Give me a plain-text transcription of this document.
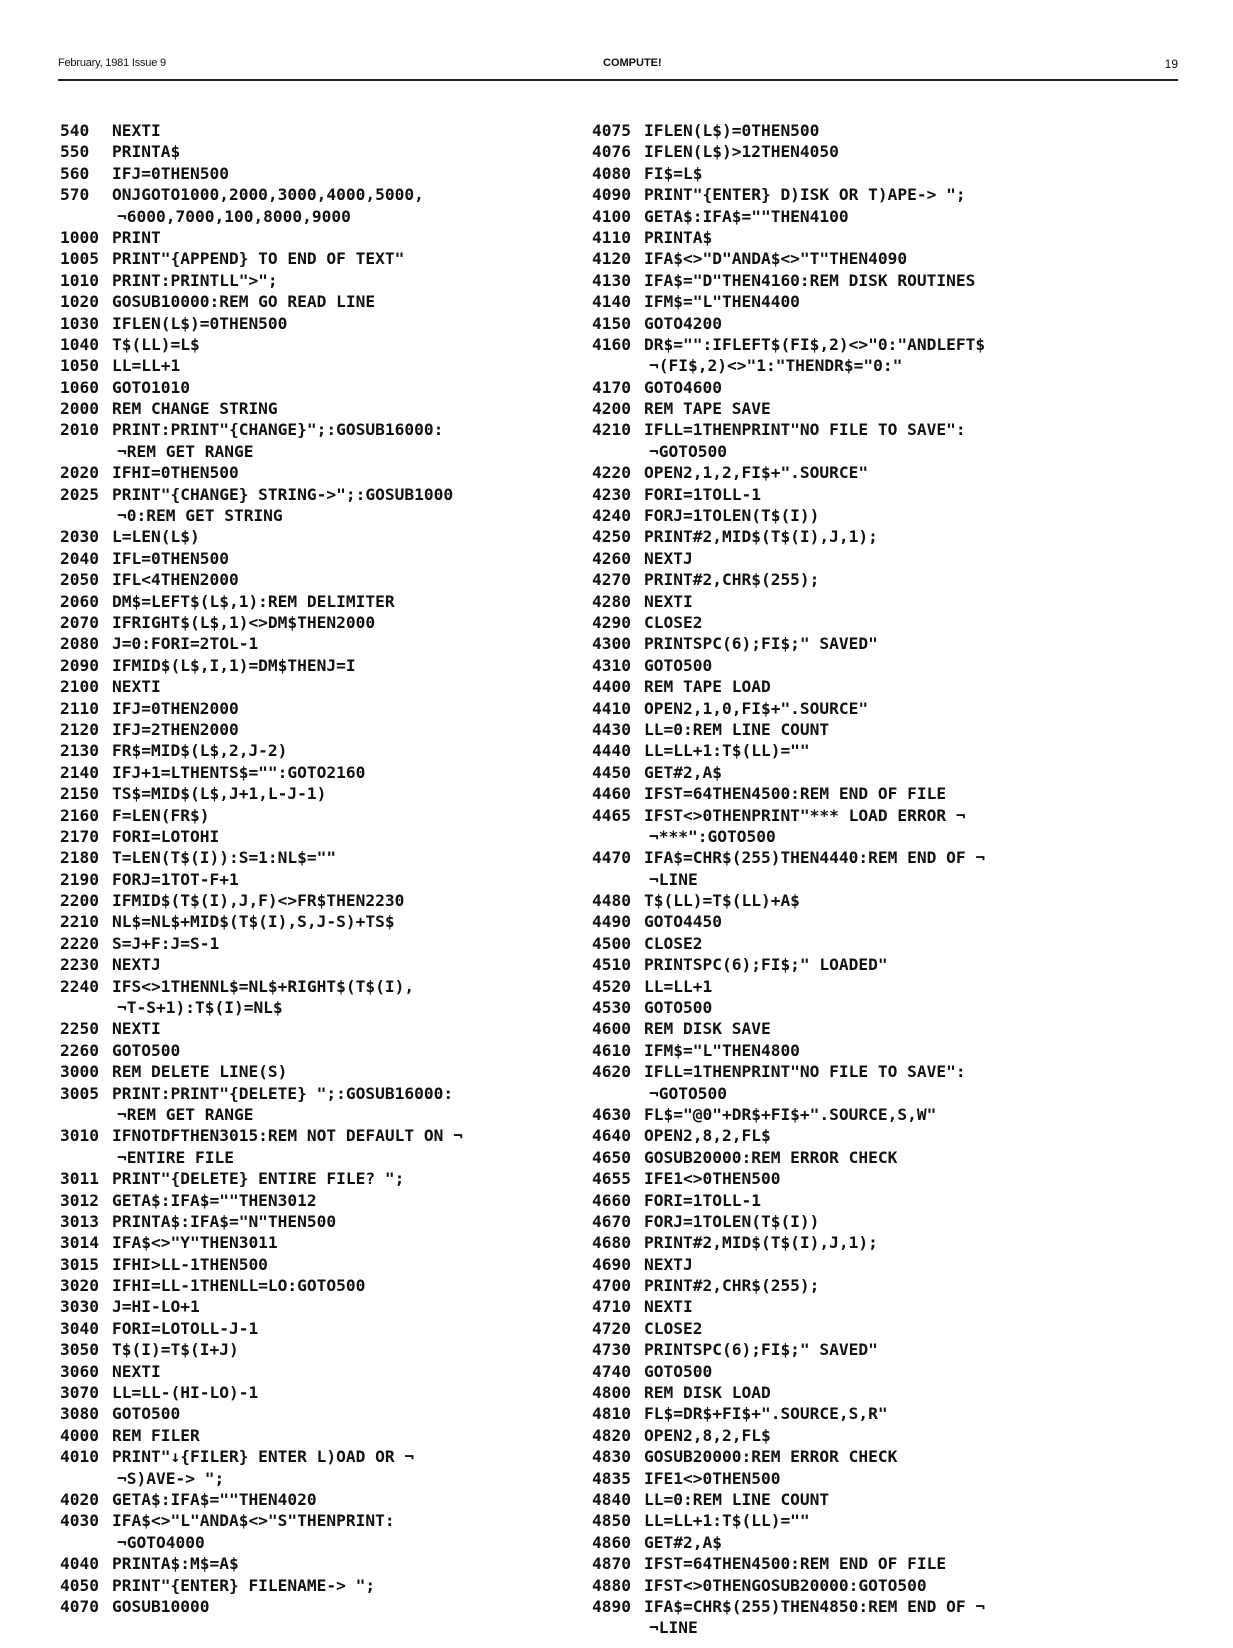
February, 1981 Issue 9	COMPUTE!	19
540 NEXTI
550 PRINTA$
560 IFJ=0THEN500
570 ONJGOTO1000,2000,3000,4000,5000,
¬6000,7000,100,8000,9000
1000 PRINT
1005 PRINT"{APPEND} TO END OF TEXT"
1010 PRINT:PRINTLL">";
1020 GOSUB10000:REM GO READ LINE
1030 IFLEN(L$)=0THEN500
1040 T$(LL)=L$
1050 LL=LL+1
1060 GOTO1010
2000 REM CHANGE STRING
2010 PRINT:PRINT"{CHANGE}";:GOSUB16000:
¬REM GET RANGE
2020 IFHI=0THEN500
2025 PRINT"{CHANGE} STRING->";:GOSUB1000
¬0:REM GET STRING
2030 L=LEN(L$)
2040 IFL=0THEN500
2050 IFL<4THEN2000
2060 DM$=LEFT$(L$,1):REM DELIMITER
2070 IFRIGHT$(L$,1)<>DM$THEN2000
2080 J=0:FORI=2TOL-1
2090 IFMID$(L$,I,1)=DM$THENJ=I
2100 NEXTI
2110 IFJ=0THEN2000
2120 IFJ=2THEN2000
2130 FR$=MID$(L$,2,J-2)
2140 IFJ+1=LTHENTS$="":GOTO2160
2150 TS$=MID$(L$,J+1,L-J-1)
2160 F=LEN(FR$)
2170 FORI=LOTOHI
2180 T=LEN(T$(I)):S=1:NL$=""
2190 FORJ=1TOT-F+1
2200 IFMID$(T$(I),J,F)<>FR$THEN2230
2210 NL$=NL$+MID$(T$(I),S,J-S)+TS$
2220 S=J+F:J=S-1
2230 NEXTJ
2240 IFS<>1THENNL$=NL$+RIGHT$(T$(I),
¬T-S+1):T$(I)=NL$
2250 NEXTI
2260 GOTO500
3000 REM DELETE LINE(S)
3005 PRINT:PRINT"{DELETE} ";:GOSUB16000:
¬REM GET RANGE
3010 IFNOTDFTHEN3015:REM NOT DEFAULT ON ¬
¬ENTIRE FILE
3011 PRINT"{DELETE} ENTIRE FILE? ";
3012 GETA$:IFA$=""THEN3012
3013 PRINTA$:IFA$="N"THEN500
3014 IFA$<>"Y"THEN3011
3015 IFHI>LL-1THEN500
3020 IFHI=LL-1THENLL=LO:GOTO500
3030 J=HI-LO+1
3040 FORI=LOTOLL-J-1
3050 T$(I)=T$(I+J)
3060 NEXTI
3070 LL=LL-(HI-LO)-1
3080 GOTO500
4000 REM FILER
4010 PRINT"↓{FILER} ENTER L)OAD OR ¬
¬S)AVE-> ";
4020 GETA$:IFA$=""THEN4020
4030 IFA$<>"L"ANDA$<>"S"THENPRINT:
¬GOTO4000
4040 PRINTA$:M$=A$
4050 PRINT"{ENTER} FILENAME-> ";
4070 GOSUB10000
4075 IFLEN(L$)=0THEN500
4076 IFLEN(L$)>12THEN4050
4080 FI$=L$
4090 PRINT"{ENTER} D)ISK OR T)APE-> ";
4100 GETA$:IFA$=""THEN4100
4110 PRINTA$
4120 IFA$<>"D"ANDA$<>"T"THEN4090
4130 IFA$="D"THEN4160:REM DISK ROUTINES
4140 IFM$="L"THEN4400
4150 GOTO4200
4160 DR$="":IFLEFT$(FI$,2)<>"0:"ANDLEFT$
¬(FI$,2)<>"1:"THENDR$="0:"
4170 GOTO4600
4200 REM TAPE SAVE
4210 IFLL=1THENPRINT"NO FILE TO SAVE":
¬GOTO500
4220 OPEN2,1,2,FI$+".SOURCE"
4230 FORI=1TOLL-1
4240 FORJ=1TOLEN(T$(I))
4250 PRINT#2,MID$(T$(I),J,1);
4260 NEXTJ
4270 PRINT#2,CHR$(255);
4280 NEXTI
4290 CLOSE2
4300 PRINTSPC(6);FI$;" SAVED"
4310 GOTO500
4400 REM TAPE LOAD
4410 OPEN2,1,0,FI$+".SOURCE"
4430 LL=0:REM LINE COUNT
4440 LL=LL+1:T$(LL)=""
4450 GET#2,A$
4460 IFST=64THEN4500:REM END OF FILE
4465 IFST<>0THENPRINT"*** LOAD ERROR ¬
¬***":GOTO500
4470 IFA$=CHR$(255)THEN4440:REM END OF ¬
¬LINE
4480 T$(LL)=T$(LL)+A$
4490 GOTO4450
4500 CLOSE2
4510 PRINTSPC(6);FI$;" LOADED"
4520 LL=LL+1
4530 GOTO500
4600 REM DISK SAVE
4610 IFM$="L"THEN4800
4620 IFLL=1THENPRINT"NO FILE TO SAVE":
¬GOTO500
4630 FL$="@0"+DR$+FI$+".SOURCE,S,W"
4640 OPEN2,8,2,FL$
4650 GOSUB20000:REM ERROR CHECK
4655 IFE1<>0THEN500
4660 FORI=1TOLL-1
4670 FORJ=1TOLEN(T$(I))
4680 PRINT#2,MID$(T$(I),J,1);
4690 NEXTJ
4700 PRINT#2,CHR$(255);
4710 NEXTI
4720 CLOSE2
4730 PRINTSPC(6);FI$;" SAVED"
4740 GOTO500
4800 REM DISK LOAD
4810 FL$=DR$+FI$+".SOURCE,S,R"
4820 OPEN2,8,2,FL$
4830 GOSUB20000:REM ERROR CHECK
4835 IFE1<>0THEN500
4840 LL=0:REM LINE COUNT
4850 LL=LL+1:T$(LL)=""
4860 GET#2,A$
4870 IFST=64THEN4500:REM END OF FILE
4880 IFST<>0THENGOSUB20000:GOTO500
4890 IFA$=CHR$(255)THEN4850:REM END OF ¬
¬LINE
